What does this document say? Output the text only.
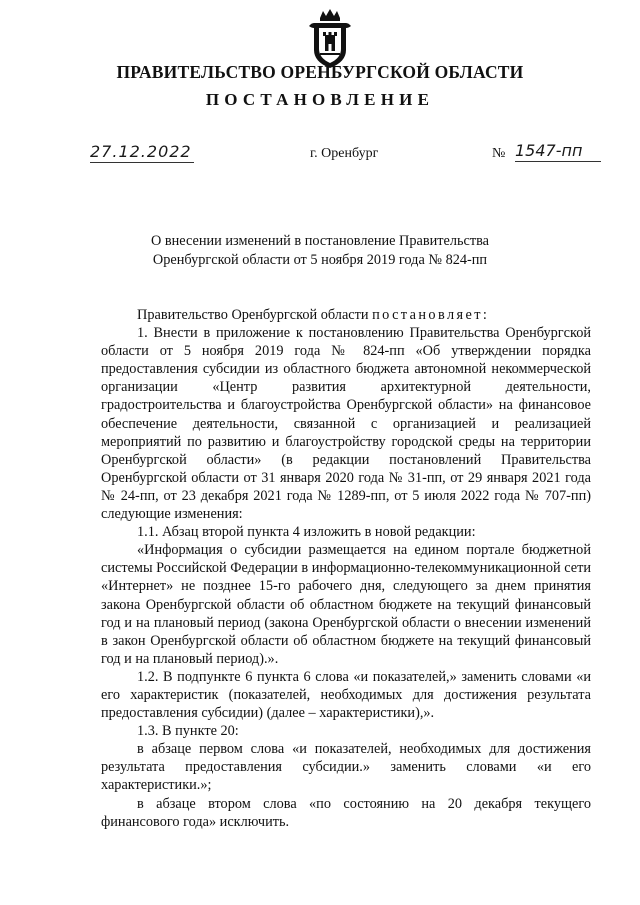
ПРАВИТЕЛЬСТВО ОРЕНБУРГСКОЙ ОБЛАСТИ
ПОСТАНОВЛЕНИЕ
27.12.2022	г. Оренбург	№ 1547-пп
О внесении изменений в постановление Правительства
Оренбургской области от 5 ноября 2019 года № 824-пп

Правительство Оренбургской области постановляет:

1. Внести в приложение к постановлению Правительства Оренбургской области от 5 ноября 2019 года № 824-пп «Об утверждении порядка предоставления субсидии из областного бюджета автономной некоммерческой организации «Центр развития архитектурной деятельности, градостроительства и благоустройства Оренбургской области» на финансовое обеспечение деятельности, связанной с организацией и реализацией мероприятий по развитию и благоустройству городской среды на территории Оренбургской области» (в редакции постановлений Правительства Оренбургской области от 31 января 2020 года № 31-пп, от 29 января 2021 года № 24-пп, от 23 декабря 2021 года № 1289-пп, от 5 июля 2022 года № 707-пп) следующие изменения:

1.1. Абзац второй пункта 4 изложить в новой редакции:

«Информация о субсидии размещается на едином портале бюджетной системы Российской Федерации в информационно-телекоммуникационной сети «Интернет» не позднее 15-го рабочего дня, следующего за днем принятия закона Оренбургской области об областном бюджете на текущий финансовый год и на плановый период (закона Оренбургской области о внесении изменений в закон Оренбургской области об областном бюджете на текущий финансовый год и на плановый период).».

1.2. В подпункте 6 пункта 6 слова «и показателей,» заменить словами «и его характеристик (показателей, необходимых для достижения результата предоставления субсидии) (далее – характеристики),».

1.3. В пункте 20:

в абзаце первом слова «и показателей, необходимых для достижения результата предоставления субсидии.» заменить словами «и его характеристики.»;

в абзаце втором слова «по состоянию на 20 декабря текущего финансового года» исключить.
